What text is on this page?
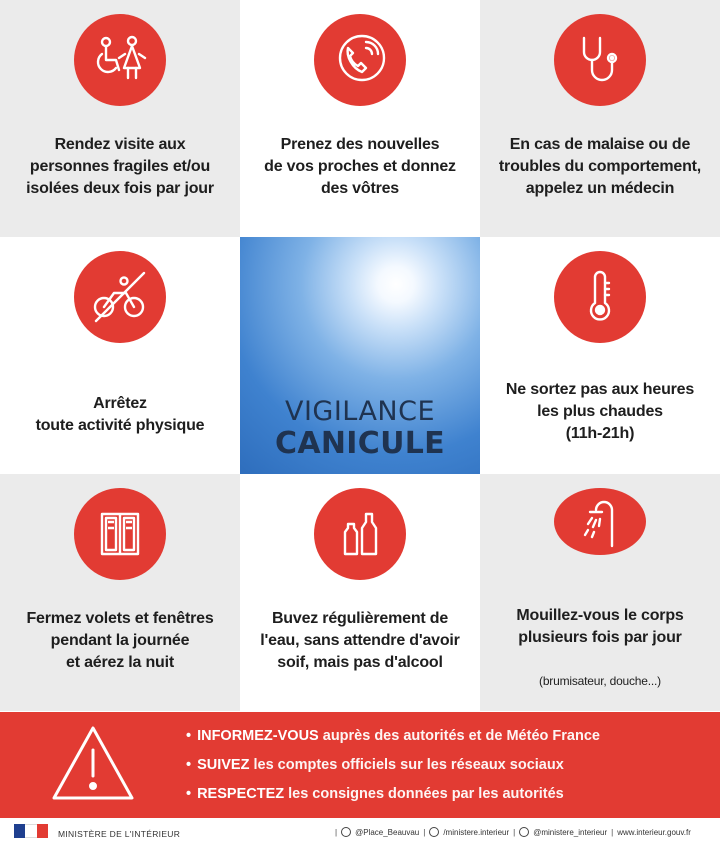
Rendez visite aux
personnes fragiles et/ou
isolées deux fois par jour
Prenez des nouvelles
de vos proches et donnez
des vôtres
En cas de malaise ou de
troubles du comportement,
appelez un médecin
Arrêtez
toute activité physique	VIGILANCE
CANICULE
Ne sortez pas aux heures
les plus chaudes
(11h-21h)
Fermez volets et fenêtres
pendant la journée
et aérez la nuit
Buvez régulièrement de
l'eau, sans attendre d'avoir
soif, mais pas d'alcool

Mouillez-vous le corps
plusieurs fois par jour

(brumisateur, douche...)

• INFORMEZ-VOUS auprès des autorités et de Météo France
• SUIVEZ les comptes officiels sur les réseaux sociaux
• RESPECTEZ les consignes données par les autorités
MINISTÈRE DE L'INTÉRIEUR	| @Place_Beauvau | /ministere.interieur | @ministere_interieur | www.interieur.gouv.fr
